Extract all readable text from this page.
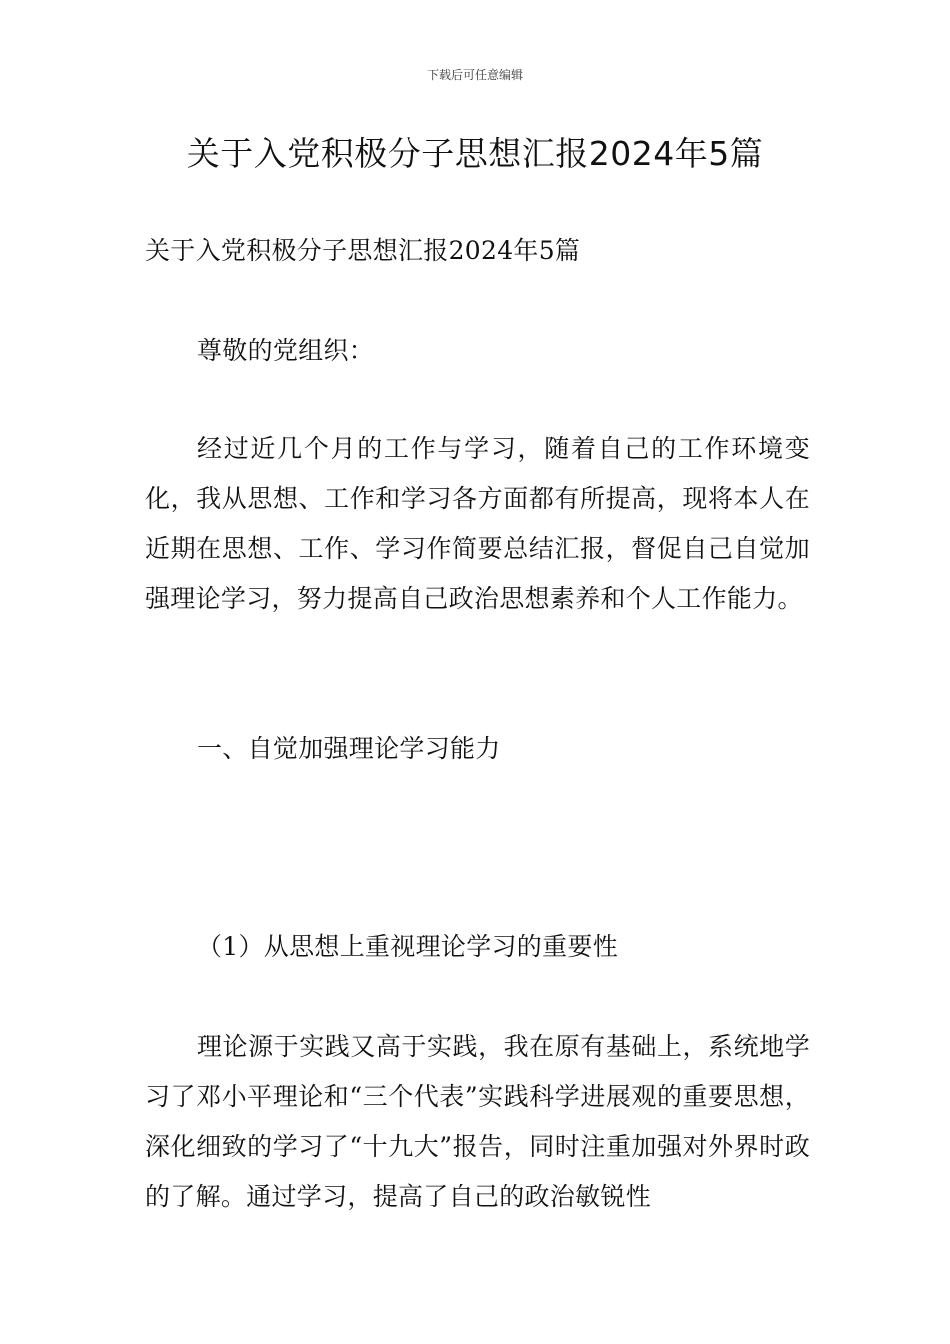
下载后可任意编辑
关于入党积极分子思想汇报2024年5篇

关于入党积极分子思想汇报2024年5篇

尊敬的党组织：

经过近几个月的工作与学习，随着自己的工作环境变化，我从思想、工作和学习各方面都有所提高，现将本人在近期在思想、工作、学习作简要总结汇报，督促自己自觉加强理论学习，努力提高自己政治思想素养和个人工作能力。

一、自觉加强理论学习能力

（1）从思想上重视理论学习的重要性

理论源于实践又高于实践，我在原有基础上，系统地学习了邓小平理论和“三个代表”实践科学进展观的重要思想，深化细致的学习了“十九大”报告，同时注重加强对外界时政的了解。通过学习，提高了自己的政治敏锐性
